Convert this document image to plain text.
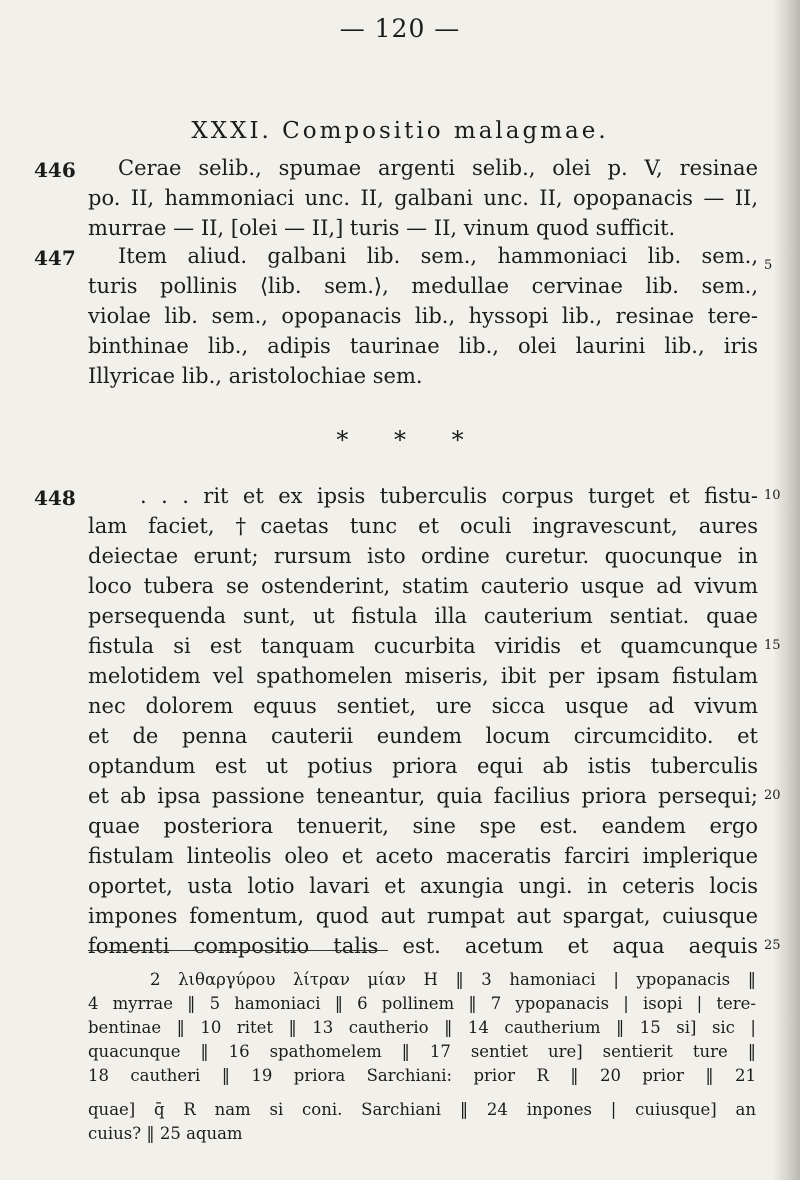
— 120 —
XXXI. Compositio malagmae.
446 Cerae selib., spumae argenti selib., olei p. V, resinae
po. II, hammoniaci unc. II, galbani unc. II, opopanacis — II,
murrae — II, [olei — II,] turis — II, vinum quod sufficit.
447 Item aliud. galbani lib. sem., hammoniaci lib. sem., 5
turis pollinis ⟨lib. sem.⟩, medullae cervinae lib. sem.,
violae lib. sem., opopanacis lib., hyssopi lib., resinae tere-
binthinae lib., adipis taurinae lib., olei laurini lib., iris
Illyricae lib., aristolochiae sem.
* * *
448	. . . rit et ex ipsis tuberculis corpus turget et fistu- 10
lam faciet, †caetas tunc et oculi ingravescunt, aures
deiectae erunt; rursum isto ordine curetur. quocunque in
loco tubera se ostenderint, statim cauterio usque ad vivum
persequenda sunt, ut fistula illa cauterium sentiat. quae
fistula si est tanquam cucurbita viridis et quamcunque 15
melotidem vel spathomelen miseris, ibit per ipsam fistulam
nec dolorem equus sentiet, ure sicca usque ad vivum
et de penna cauterii eundem locum circumcidito. et
optandum est ut potius priora equi ab istis tuberculis
et ab ipsa passione teneantur, quia facilius priora persequi; 20
quae posteriora tenuerit, sine spe est. eandem ergo
fistulam linteolis oleo et aceto maceratis farciri implerique
oportet, usta lotio lavari et axungia ungi. in ceteris locis
impones fomentum, quod aut rumpat aut spargat, cuiusque
fomenti compositio talis est. acetum et aqua aequis 25
2 λιθαργύρου λίτραν μίαν H ‖ 3 hamoniaci | ypopanacis ‖
4 myrrae ‖ 5 hamoniaci ‖ 6 pollinem ‖ 7 ypopanacis | isopi | tere-
bentinae ‖ 10 ritet ‖ 13 cautherio ‖ 14 cautherium ‖ 15 si] sic |
quacunque ‖ 16 spathomelem ‖ 17 sentiet ure] sentierit ture ‖
18 cautheri ‖ 19 priora Sarchiani: prior R ‖ 20 prior ‖ 21
quae] q̄ R nam si coni. Sarchiani ‖ 24 inpones | cuiusque] an
cuius? ‖ 25 aquam
